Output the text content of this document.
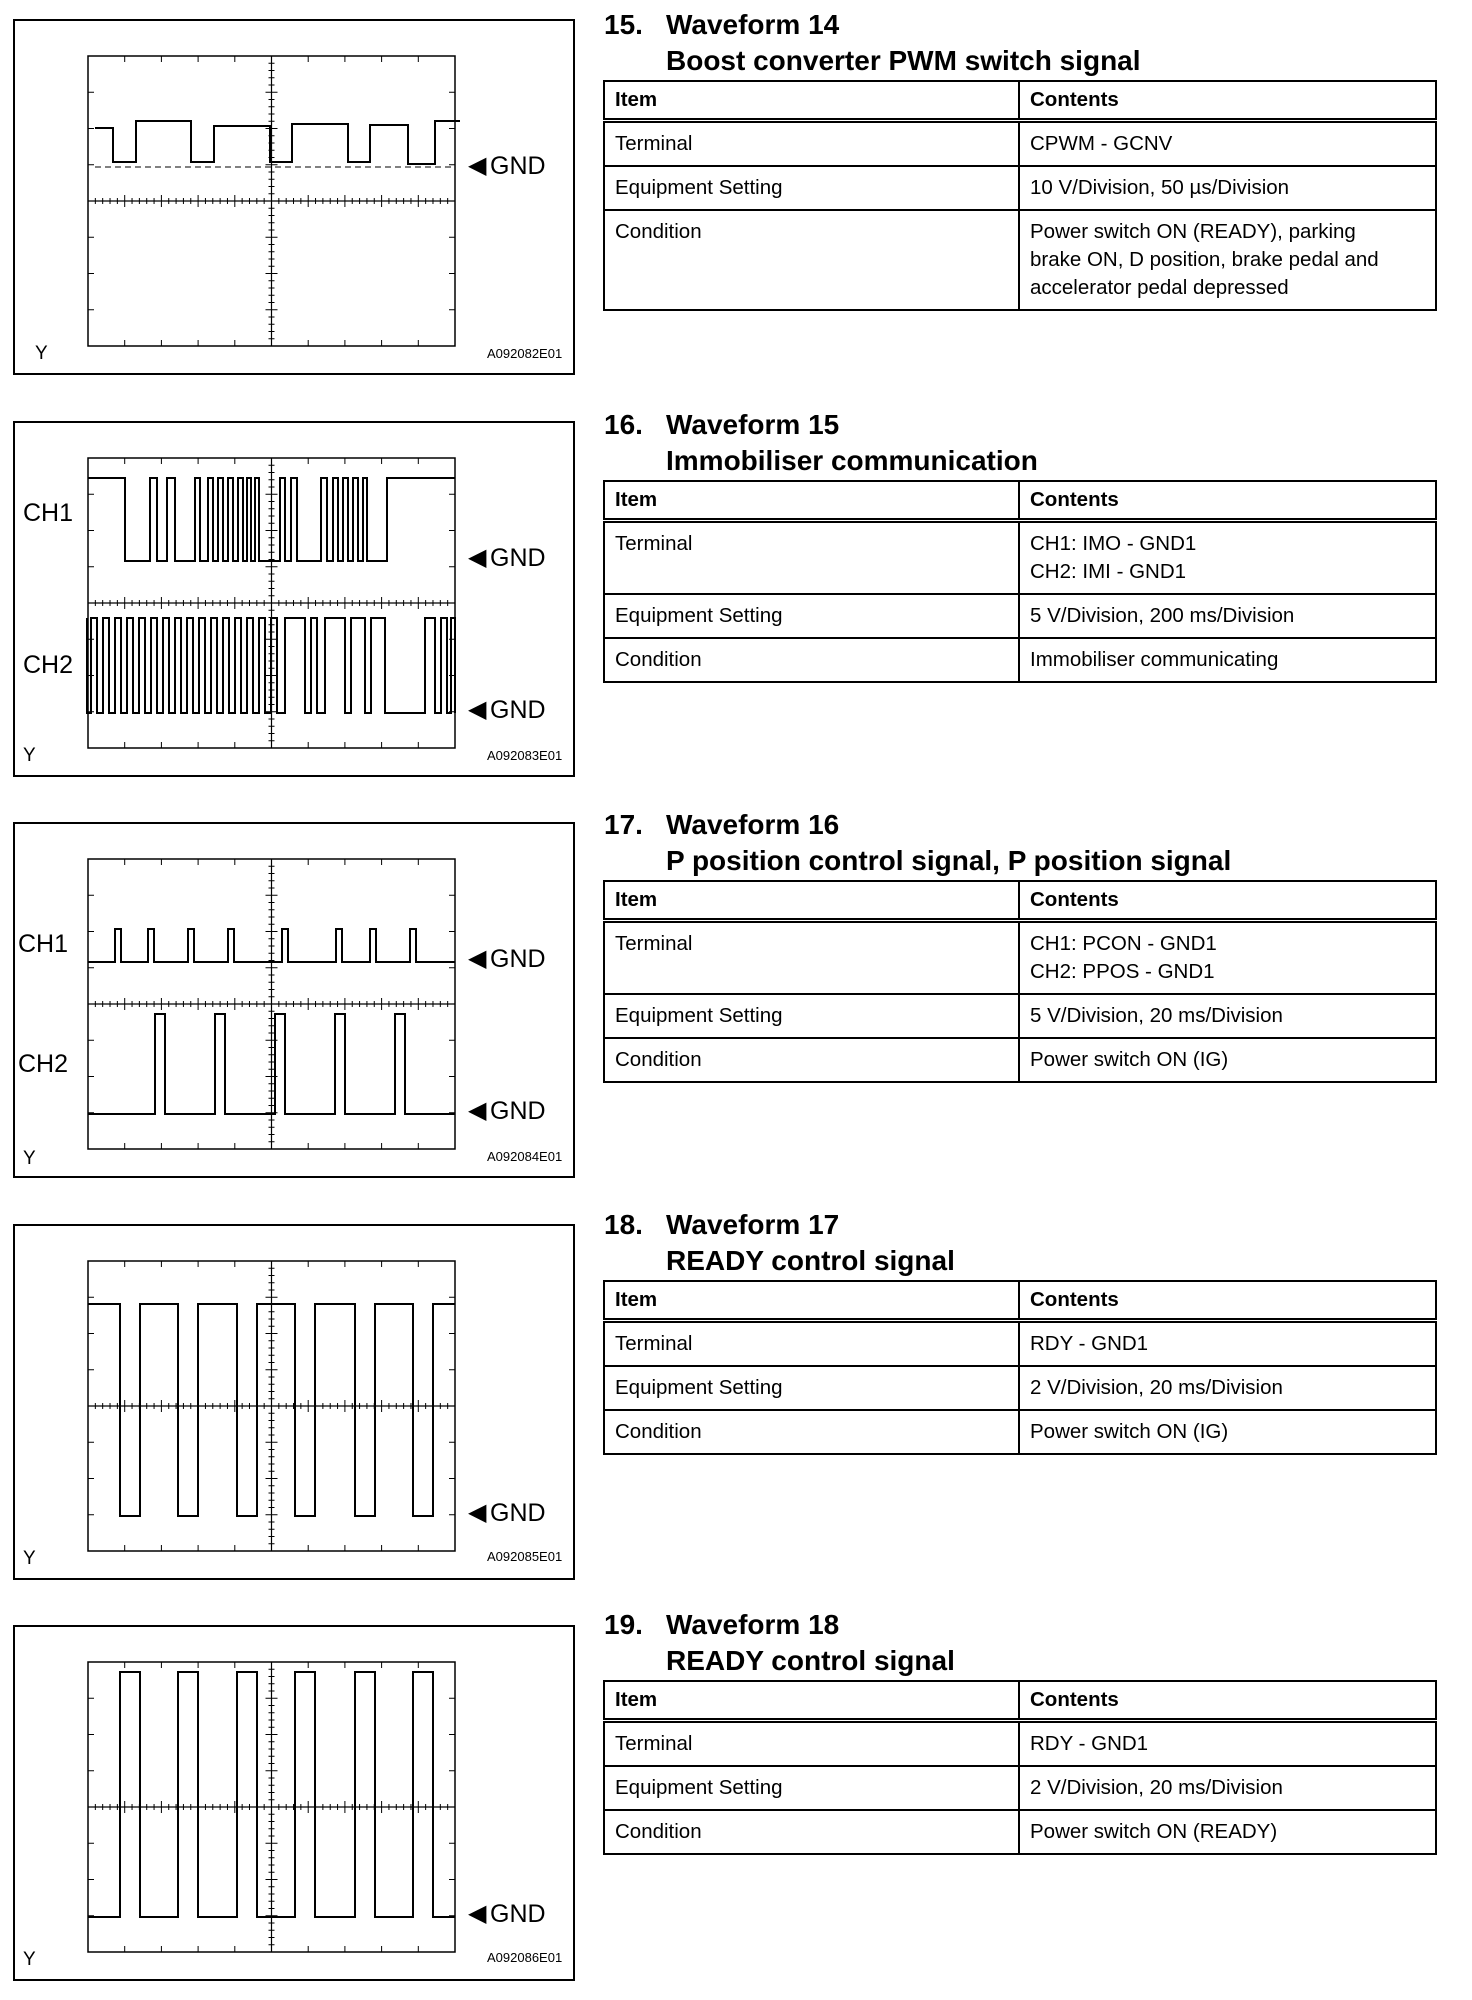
◀ GND
Y	A092082E01
15. Waveform 14
Boost converter PWM switch signal
Item	Contents
Terminal	CPWM - GCNV

Equipment Setting	10 V/Division, 50 µs/Division

Condition	Power switch ON (READY), parking
brake ON, D position, brake pedal and
accelerator pedal depressed
CH1
CH2
◀ GND
◀ GND
Y	A092083E01
16. Waveform 15
Immobiliser communication
Item	Contents
Terminal	CH1: IMO - GND1
CH2: IMI - GND1

Equipment Setting	5 V/Division, 200 ms/Division

Condition	Immobiliser communicating
CH1
CH2
◀ GND
◀ GND
Y	A092084E01
17. Waveform 16
P position control signal, P position signal
Item	Contents
Terminal	CH1: PCON - GND1
CH2: PPOS - GND1

Equipment Setting	5 V/Division, 20 ms/Division

Condition	Power switch ON (IG)
◀ GND
Y	A092085E01
18. Waveform 17
READY control signal
Item	Contents
Terminal	RDY - GND1

Equipment Setting	2 V/Division, 20 ms/Division

Condition	Power switch ON (IG)
◀ GND
Y	A092086E01
19. Waveform 18
READY control signal
Item	Contents
Terminal	RDY - GND1

Equipment Setting	2 V/Division, 20 ms/Division

Condition	Power switch ON (READY)
